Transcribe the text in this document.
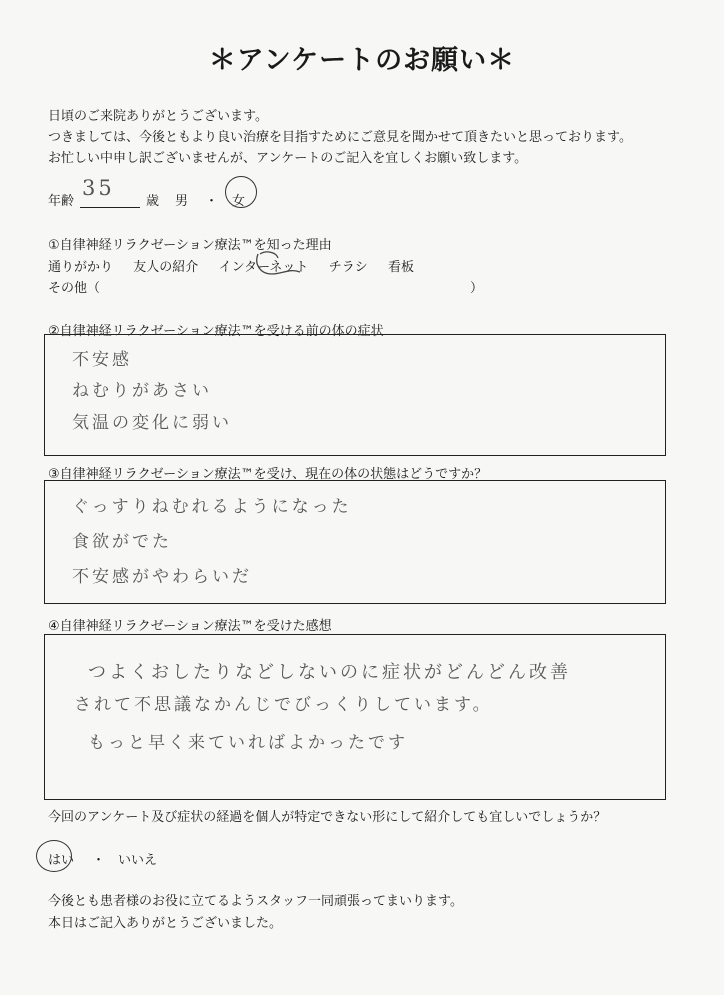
＊アンケートのお願い＊
日頃のご来院ありがとうございます。
つきましては、今後ともより良い治療を目指すためにご意見を聞かせて頂きたいと思っております。
お忙しい中申し訳ございませんが、アンケートのご記入を宜しくお願い致します。
年齢
35
歳 男 ・ 女
①自律神経リラクゼーション療法™を知った理由
通りがかり 友人の紹介 インターネット チラシ 看板
その他（	）
②自律神経リラクゼーション療法™を受ける前の体の症状
不安感
ねむりがあさい
気温の変化に弱い
③自律神経リラクゼーション療法™を受け、現在の体の状態はどうですか？
ぐっすりねむれるようになった
食欲がでた
不安感がやわらいだ
④自律神経リラクゼーション療法™を受けた感想
つよくおしたりなどしないのに症状がどんどん改善
されて不思議なかんじでびっくりしています。
もっと早く来ていればよかったです
今回のアンケート及び症状の経過を個人が特定できない形にして紹介しても宜しいでしょうか？
はい ・ いいえ
今後とも患者様のお役に立てるようスタッフ一同頑張ってまいります。
本日はご記入ありがとうございました。
